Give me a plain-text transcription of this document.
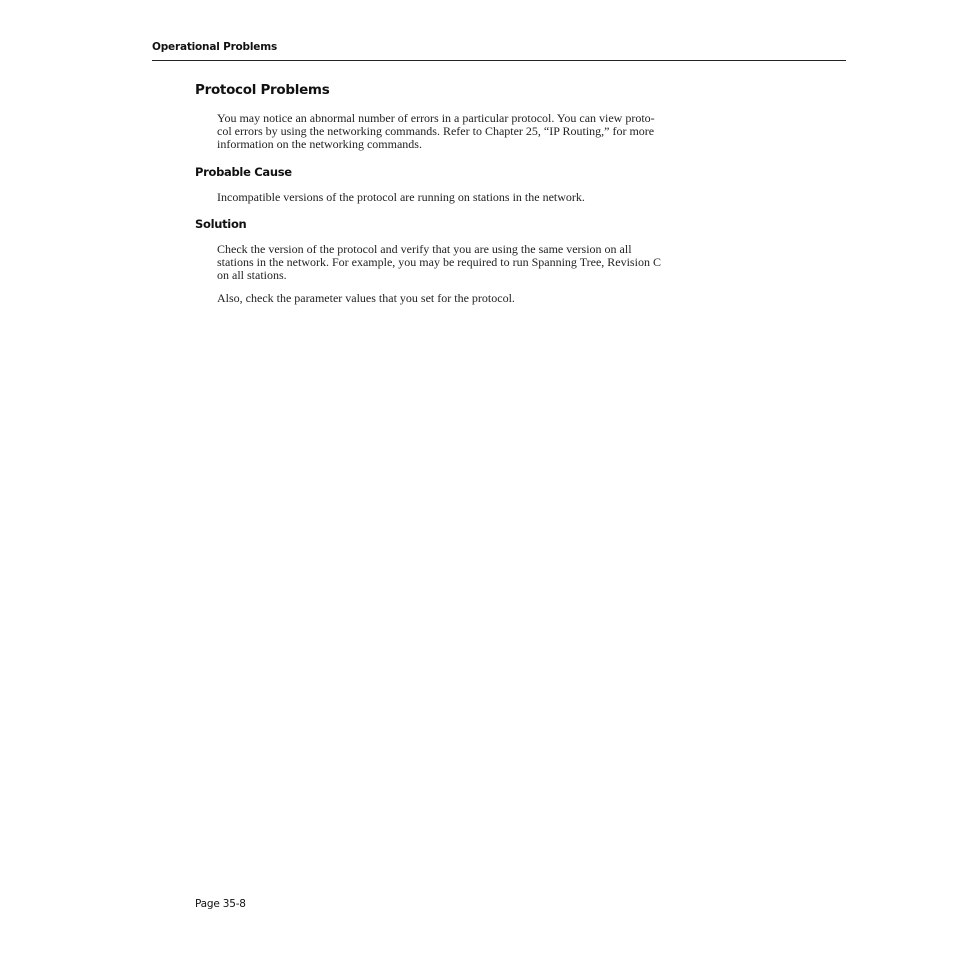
Operational Problems
Protocol Problems

You may notice an abnormal number of errors in a particular protocol. You can view proto-
col errors by using the networking commands. Refer to Chapter 25, “IP Routing,” for more
information on the networking commands.

Probable Cause

Incompatible versions of the protocol are running on stations in the network.

Solution

Check the version of the protocol and verify that you are using the same version on all
stations in the network. For example, you may be required to run Spanning Tree, Revision C
on all stations.

Also, check the parameter values that you set for the protocol.

Page 35-8
